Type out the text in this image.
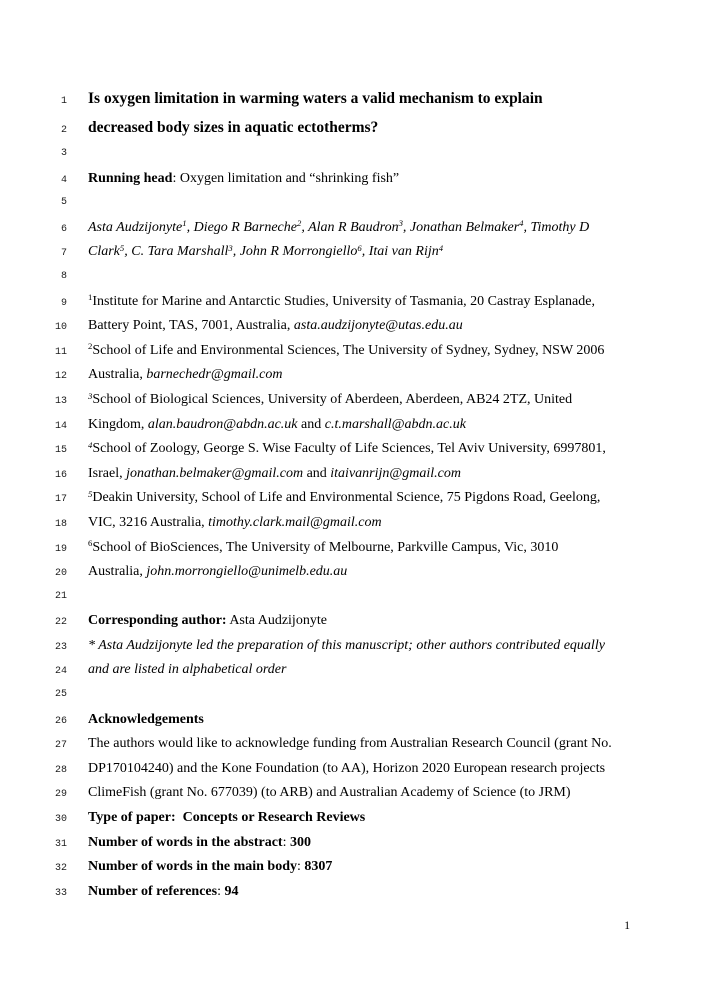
1	Is oxygen limitation in warming waters a valid mechanism to explain
2	decreased body sizes in aquatic ectotherms?
3
4	Running head: Oxygen limitation and “shrinking fish”
5
6	Asta Audzijonyte$^1$, Diego R Barneche$^2$, Alan R Baudron$^3$, Jonathan Belmaker$^4$, Timothy D
7	Clark$^5$, C. Tara Marshall$^3$, John R Morrongiello$^6$, Itai van Rijn$^4$
8
9
$^1$Institute for Marine and Antarctic Studies, University of Tasmania, 20 Castray Esplanade,
10	Battery Point, TAS, 7001, Australia, asta.audzijonyte@utas.edu.au
11
$^2$School of Life and Environmental Sciences, The University of Sydney, Sydney, NSW 2006
12	Australia, barnechedr@gmail.com
13
$^3$School of Biological Sciences, University of Aberdeen, Aberdeen, AB24 2TZ, United
14	Kingdom, alan.baudron@abdn.ac.uk and c.t.marshall@abdn.ac.uk
15
$^4$School of Zoology, George S. Wise Faculty of Life Sciences, Tel Aviv University, 6997801,
16	Israel, jonathan.belmaker@gmail.com and itaivanrijn@gmail.com
17
$^5$Deakin University, School of Life and Environmental Science, 75 Pigdons Road, Geelong,
18	VIC, 3216 Australia, timothy.clark.mail@gmail.com
19
$^6$School of BioSciences, The University of Melbourne, Parkville Campus, Vic, 3010
20	Australia, john.morrongiello@unimelb.edu.au
21
22	Corresponding author: Asta Audzijonyte
23	* Asta Audzijonyte led the preparation of this manuscript; other authors contributed equally
24	and are listed in alphabetical order
25
26	Acknowledgements
27	The authors would like to acknowledge funding from Australian Research Council (grant No.
28	DP170104240) and the Kone Foundation (to AA), Horizon 2020 European research projects
29	ClimeFish (grant No. 677039) (to ARB) and Australian Academy of Science (to JRM)
30	Type of paper:  Concepts or Research Reviews
31	Number of words in the abstract: 300
32	Number of words in the main body: 8307
33	Number of references: 94
1
